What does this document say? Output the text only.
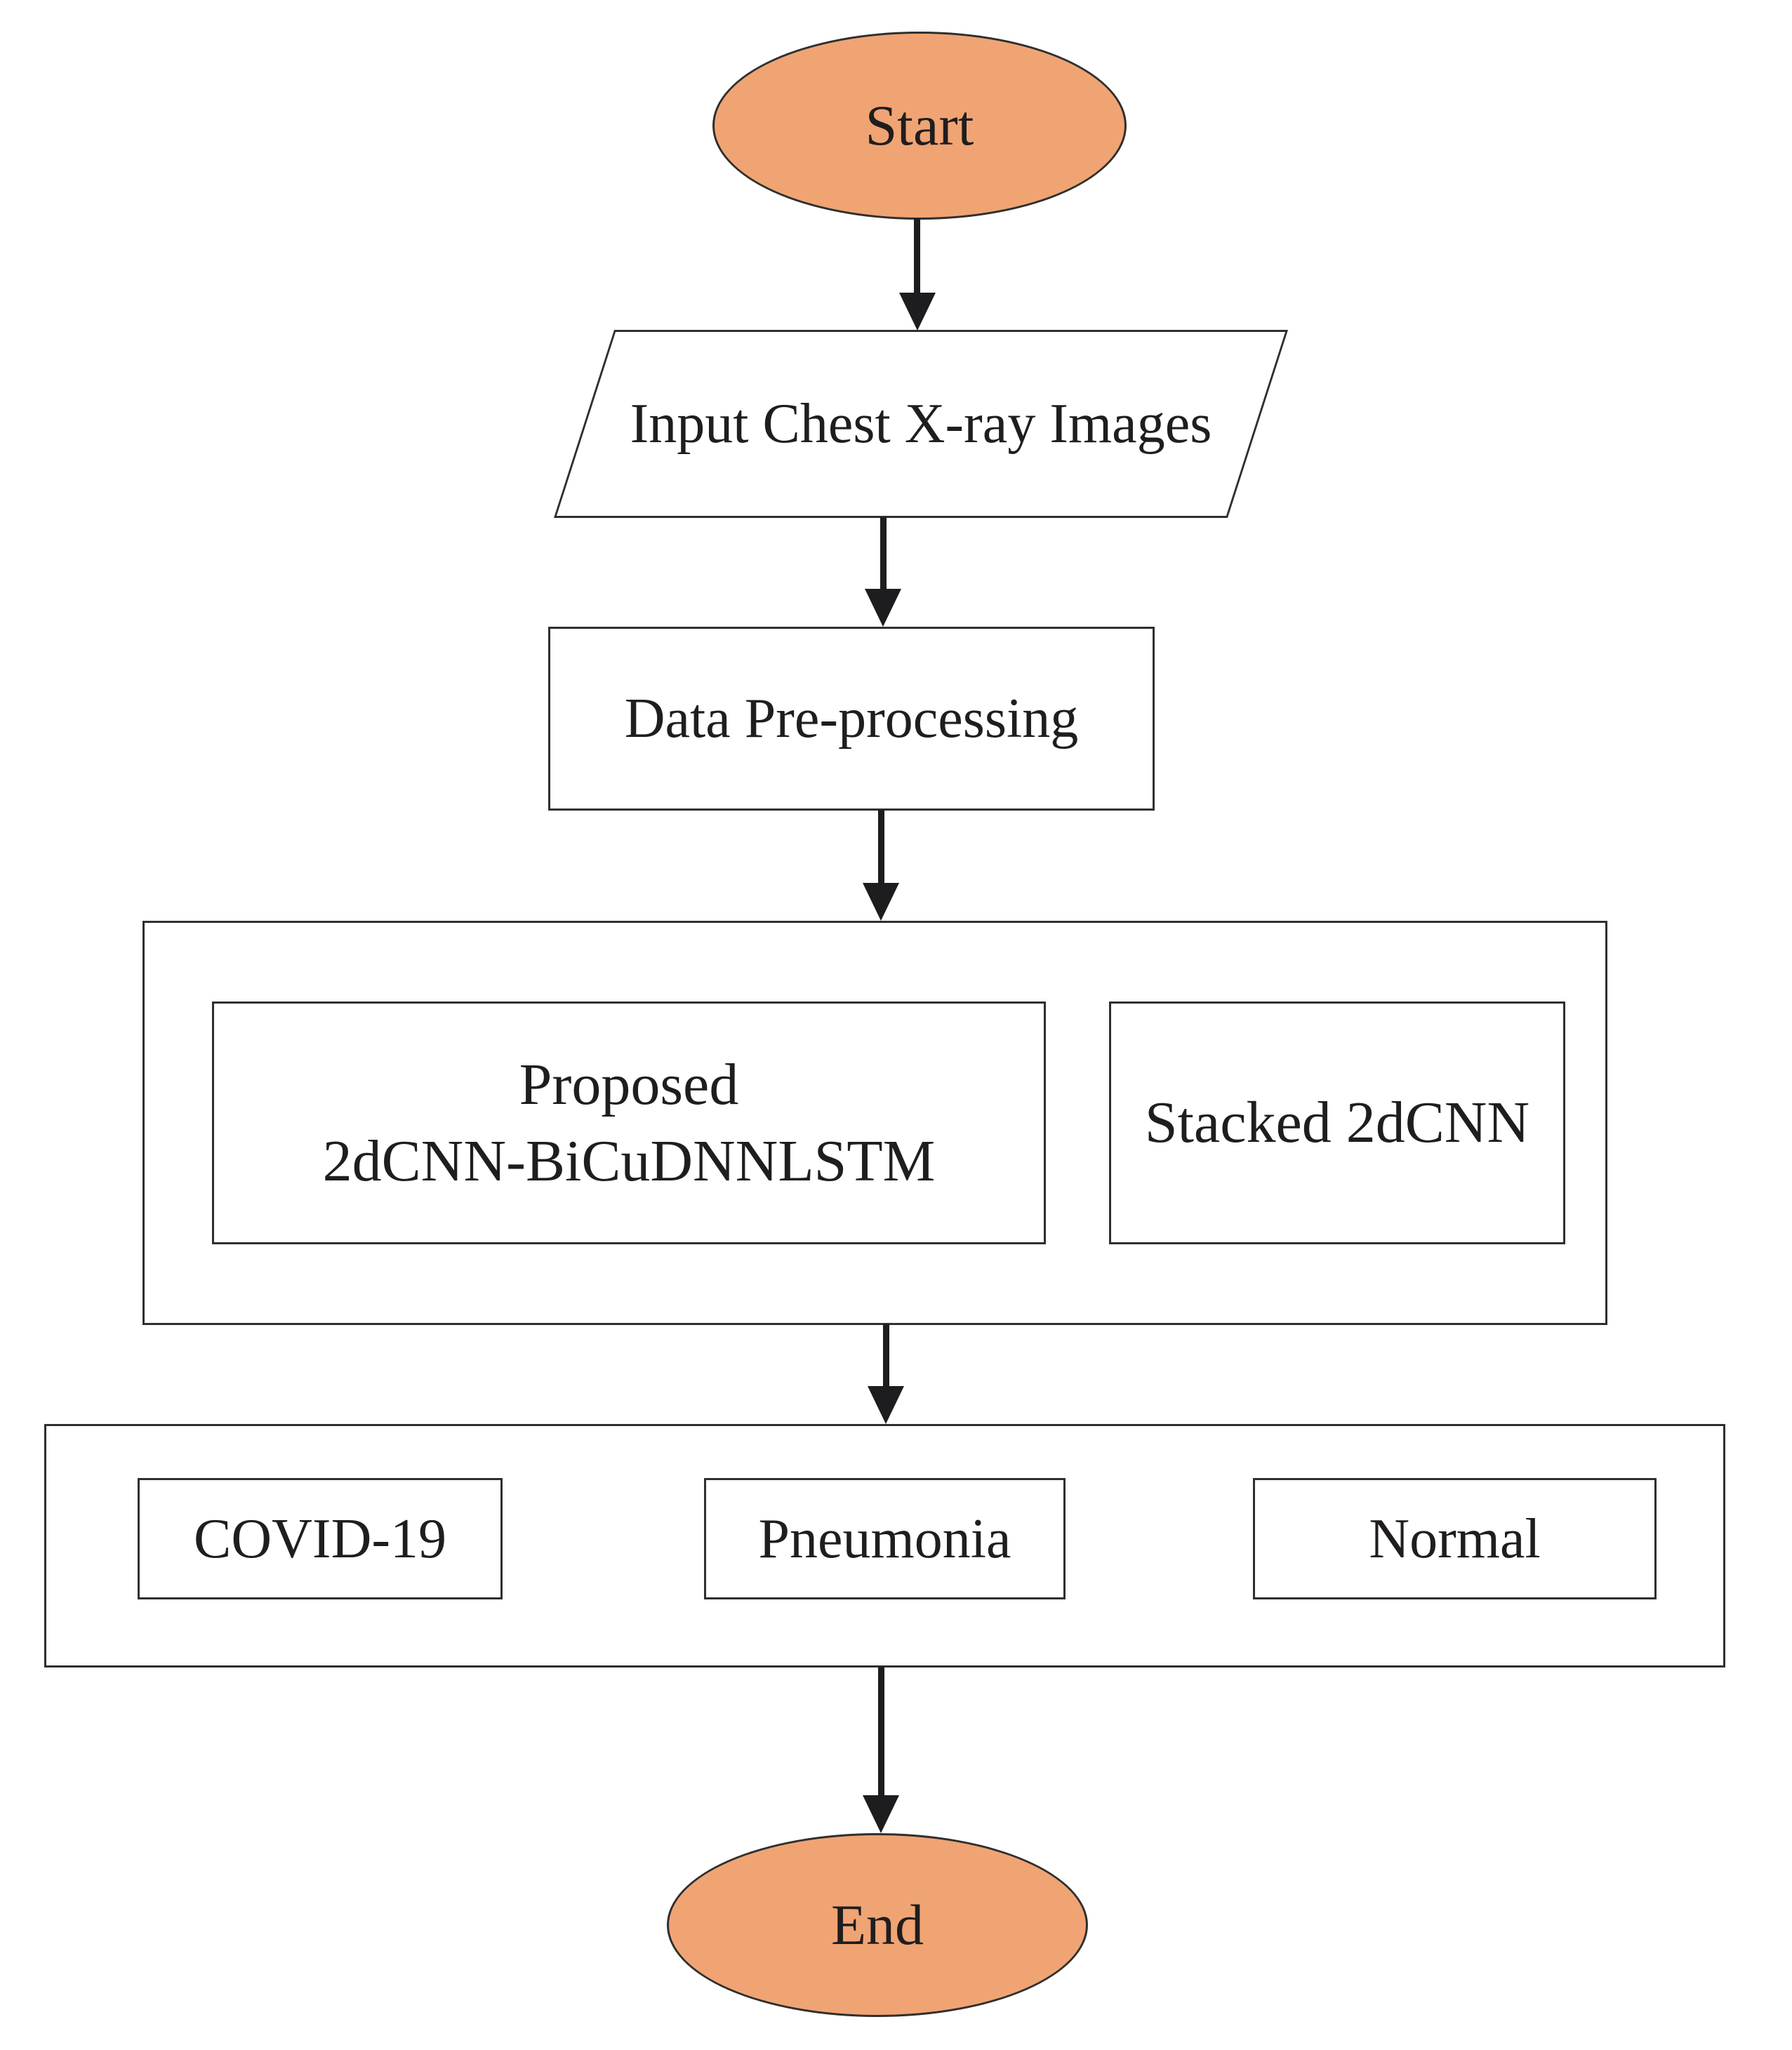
Start
Input Chest X-ray Images
Data Pre-processing
Proposed
2dCNN-BiCuDNNLSTM
Stacked 2dCNN
COVID-19	Pneumonia	Normal
End
